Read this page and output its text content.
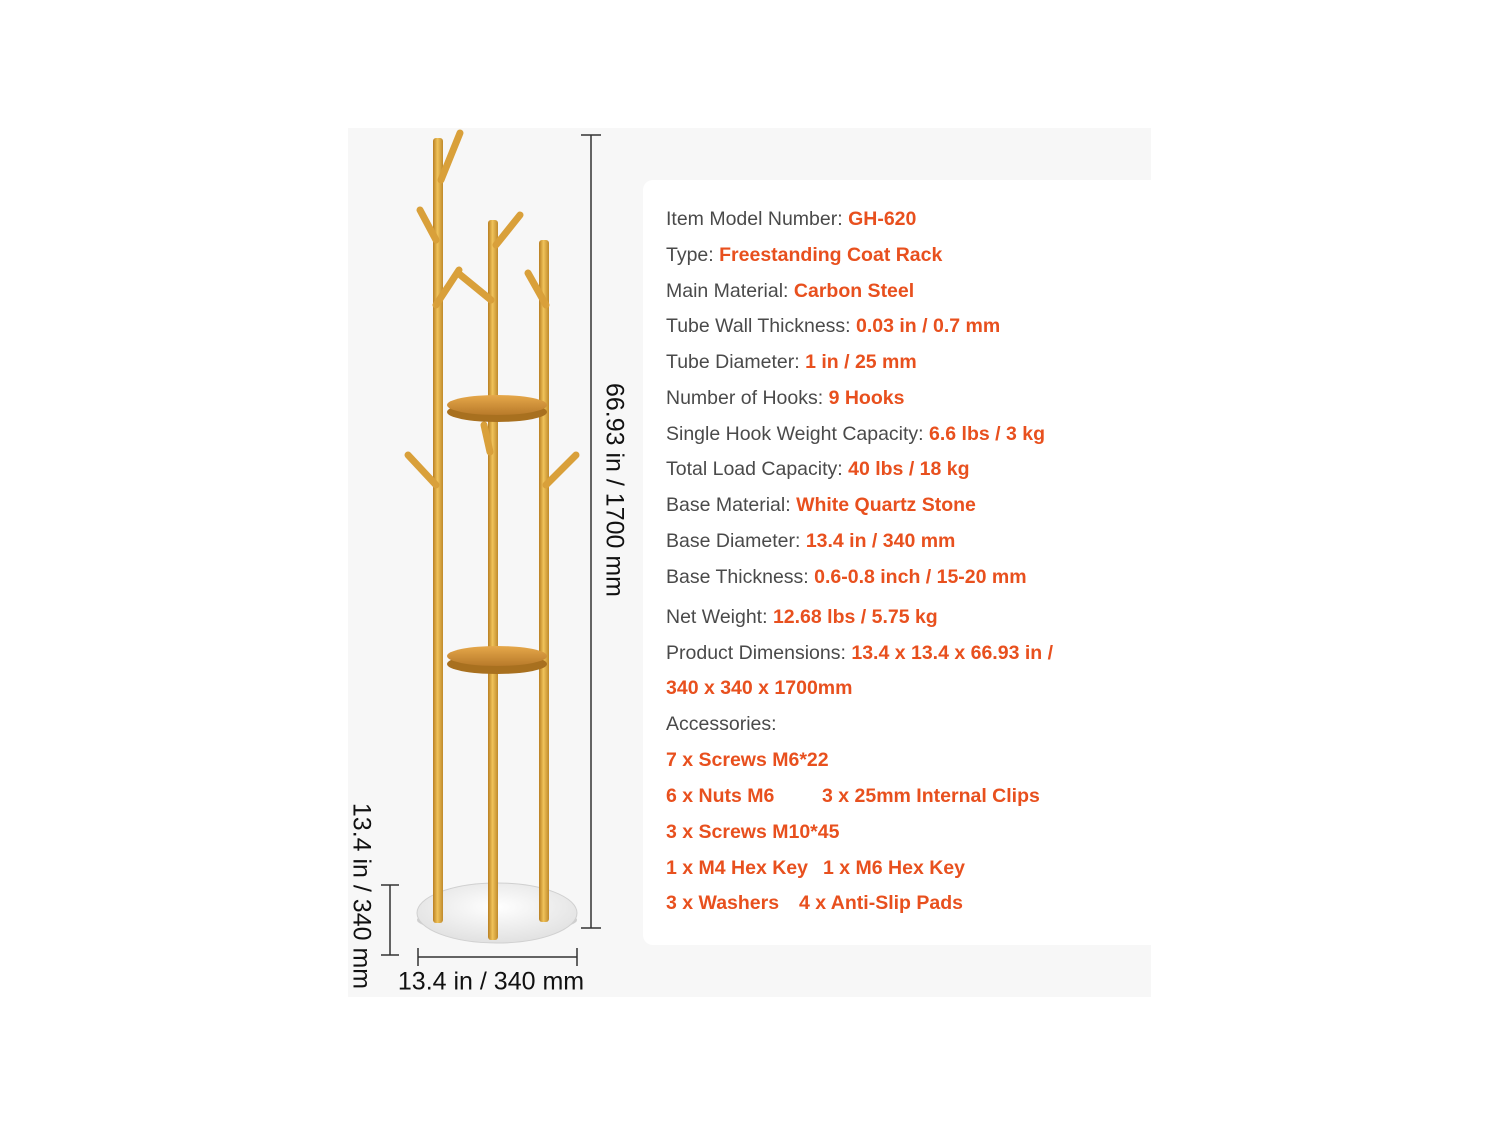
66.93 in / 1700 mm
13.4 in / 340 mm 13.4 in / 340 mm
Item Model Number: GH-620
Type: Freestanding Coat Rack
Main Material: Carbon Steel
Tube Wall Thickness: 0.03 in / 0.7 mm
Tube Diameter: 1 in / 25 mm
Number of Hooks: 9 Hooks
Single Hook Weight Capacity: 6.6 lbs / 3 kg
Total Load Capacity: 40 lbs / 18 kg
Base Material: White Quartz Stone
Base Diameter: 13.4 in / 340 mm
Base Thickness: 0.6-0.8 inch / 15-20 mm
Net Weight: 12.68 lbs / 5.75 kg
Product Dimensions: 13.4 x 13.4 x 66.93 in /
340 x 340 x 1700mm
Accessories:
7 x Screws M6*22
6 x Nuts M6 3 x 25mm Internal Clips
3 x Screws M10*45
1 x M4 Hex Key 1 x M6 Hex Key
3 x Washers 4 x Anti-Slip Pads
